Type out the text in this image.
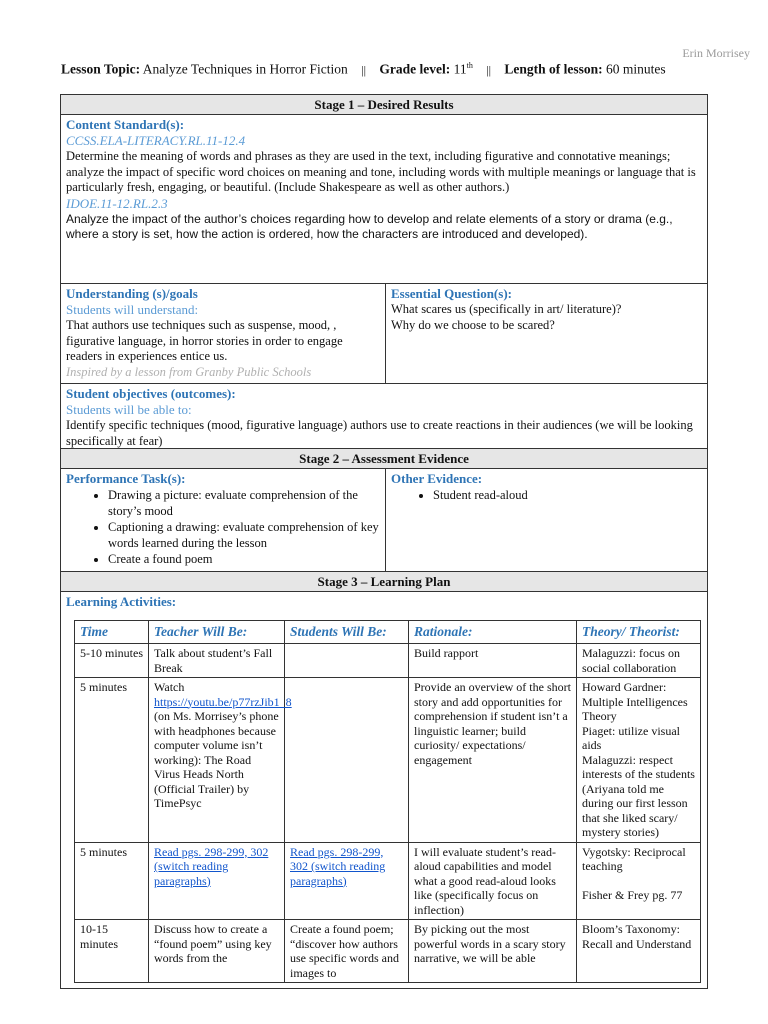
Erin Morrisey
Lesson Topic: Analyze Techniques in Horror Fiction || Grade level: 11th || Length of lesson: 60 minutes
Stage 1 – Desired Results
Content Standard(s):
CCSS.ELA-LITERACY.RL.11-12.4
Determine the meaning of words and phrases as they are used in the text, including figurative and connotative meanings; analyze the impact of specific word choices on meaning and tone, including words with multiple meanings or language that is particularly fresh, engaging, or beautiful. (Include Shakespeare as well as other authors.)
IDOE.11-12.RL.2.3
Analyze the impact of the author’s choices regarding how to develop and relate elements of a story or drama (e.g., where a story is set, how the action is ordered, how the characters are introduced and developed).
Understanding (s)/goals
Students will understand:
That authors use techniques such as suspense, mood, , figurative language, in horror stories in order to engage readers in experiences entice us.
Inspired by a lesson from Granby Public Schools
Essential Question(s):
What scares us (specifically in art/ literature)?
Why do we choose to be scared?
Student objectives (outcomes):
Students will be able to:
Identify specific techniques (mood, figurative language) authors use to create reactions in their audiences (we will be looking specifically at fear)
Stage 2 – Assessment Evidence
Performance Task(s):
• Drawing a picture: evaluate comprehension of the story’s mood
• Captioning a drawing: evaluate comprehension of key words learned during the lesson
• Create a found poem
Other Evidence:
• Student read-aloud
Stage 3 – Learning Plan
Learning Activities:
Time	Teacher Will Be:	Students Will Be:	Rationale:	Theory/ Theorist:
5-10 minutes	Talk about student’s Fall Break		Build rapport	Malaguzzi: focus on social collaboration
5 minutes	Watch https://youtu.be/p77rzJib1_8 (on Ms. Morrisey’s phone with headphones because computer volume isn’t working): The Road Virus Heads North (Official Trailer) by TimePsyc		Provide an overview of the short story and add opportunities for comprehension if student isn’t a linguistic learner; build curiosity/ expectations/ engagement	Howard Gardner: Multiple Intelligences Theory
Piaget: utilize visual aids
Malaguzzi: respect interests of the students (Ariyana told me during our first lesson that she liked scary/ mystery stories)
5 minutes	Read pgs. 298-299, 302 (switch reading paragraphs)	Read pgs. 298-299, 302 (switch reading paragraphs)	I will evaluate student’s read-aloud capabilities and model what a good read-aloud looks like (specifically focus on inflection)	Vygotsky: Reciprocal teaching

Fisher & Frey pg. 77
10-15 minutes	Discuss how to create a “found poem” using key words from the	Create a found poem; “discover how authors use specific words and images to	By picking out the most powerful words in a scary story narrative, we will be able	Bloom’s Taxonomy: Recall and Understand
